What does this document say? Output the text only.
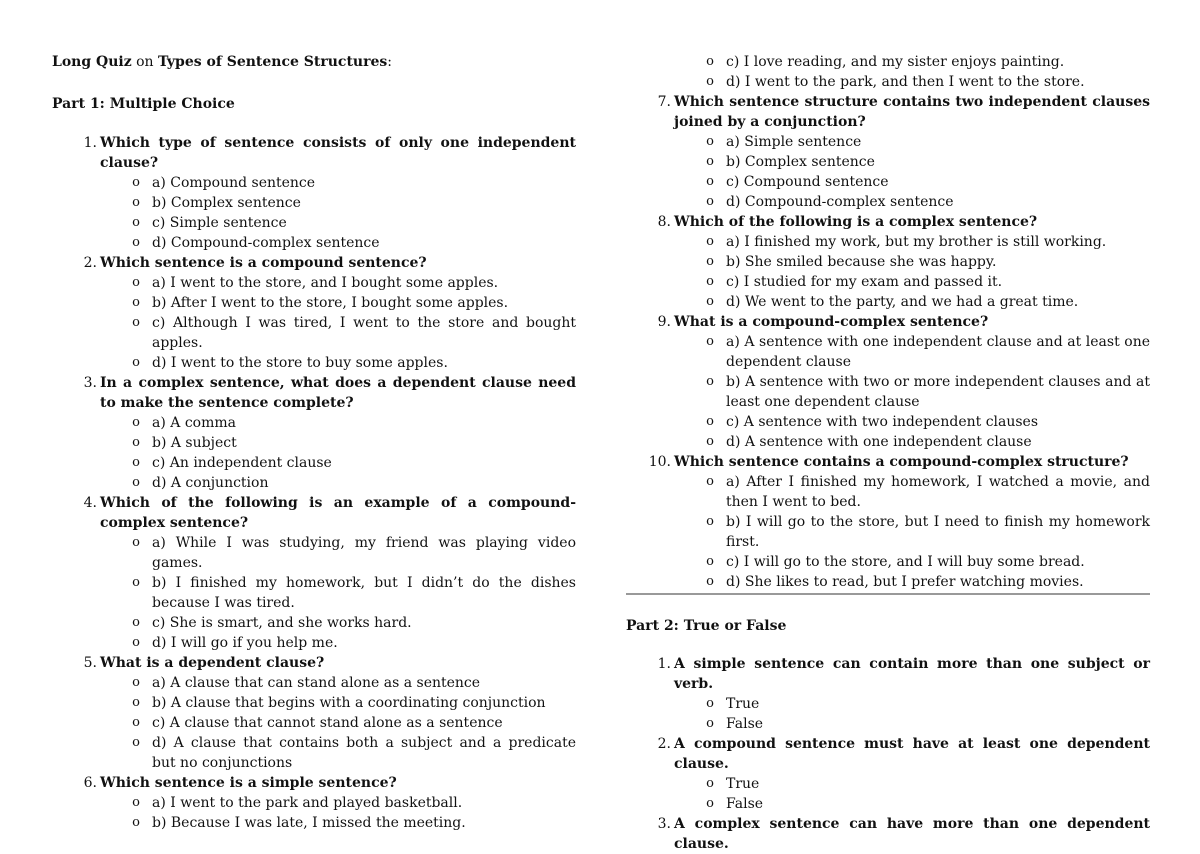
Long Quiz on Types of Sentence Structures:
Part 1: Multiple Choice
1. Which type of sentence consists of only one independent clause?
o a) Compound sentence
o b) Complex sentence
o c) Simple sentence
o d) Compound-complex sentence
2. Which sentence is a compound sentence?
o a) I went to the store, and I bought some apples.
o b) After I went to the store, I bought some apples.
o c) Although I was tired, I went to the store and bought apples.
o d) I went to the store to buy some apples.
3. In a complex sentence, what does a dependent clause need to make the sentence complete?
o a) A comma
o b) A subject
o c) An independent clause
o d) A conjunction
4. Which of the following is an example of a compound-complex sentence?
o a) While I was studying, my friend was playing video games.
o b) I finished my homework, but I didn’t do the dishes because I was tired.
o c) She is smart, and she works hard.
o d) I will go if you help me.
5. What is a dependent clause?
o a) A clause that can stand alone as a sentence
o b) A clause that begins with a coordinating conjunction
o c) A clause that cannot stand alone as a sentence
o d) A clause that contains both a subject and a predicate but no conjunctions
6. Which sentence is a simple sentence?
o a) I went to the park and played basketball.
o b) Because I was late, I missed the meeting.
o c) I love reading, and my sister enjoys painting.
o d) I went to the park, and then I went to the store.
7. Which sentence structure contains two independent clauses joined by a conjunction?
o a) Simple sentence
o b) Complex sentence
o c) Compound sentence
o d) Compound-complex sentence
8. Which of the following is a complex sentence?
o a) I finished my work, but my brother is still working.
o b) She smiled because she was happy.
o c) I studied for my exam and passed it.
o d) We went to the party, and we had a great time.
9. What is a compound-complex sentence?
o a) A sentence with one independent clause and at least one dependent clause
o b) A sentence with two or more independent clauses and at least one dependent clause
o c) A sentence with two independent clauses
o d) A sentence with one independent clause
10. Which sentence contains a compound-complex structure?
o a) After I finished my homework, I watched a movie, and then I went to bed.
o b) I will go to the store, but I need to finish my homework first.
o c) I will go to the store, and I will buy some bread.
o d) She likes to read, but I prefer watching movies.
Part 2: True or False
1. A simple sentence can contain more than one subject or verb.
o True
o False
2. A compound sentence must have at least one dependent clause.
o True
o False
3. A complex sentence can have more than one dependent clause.
